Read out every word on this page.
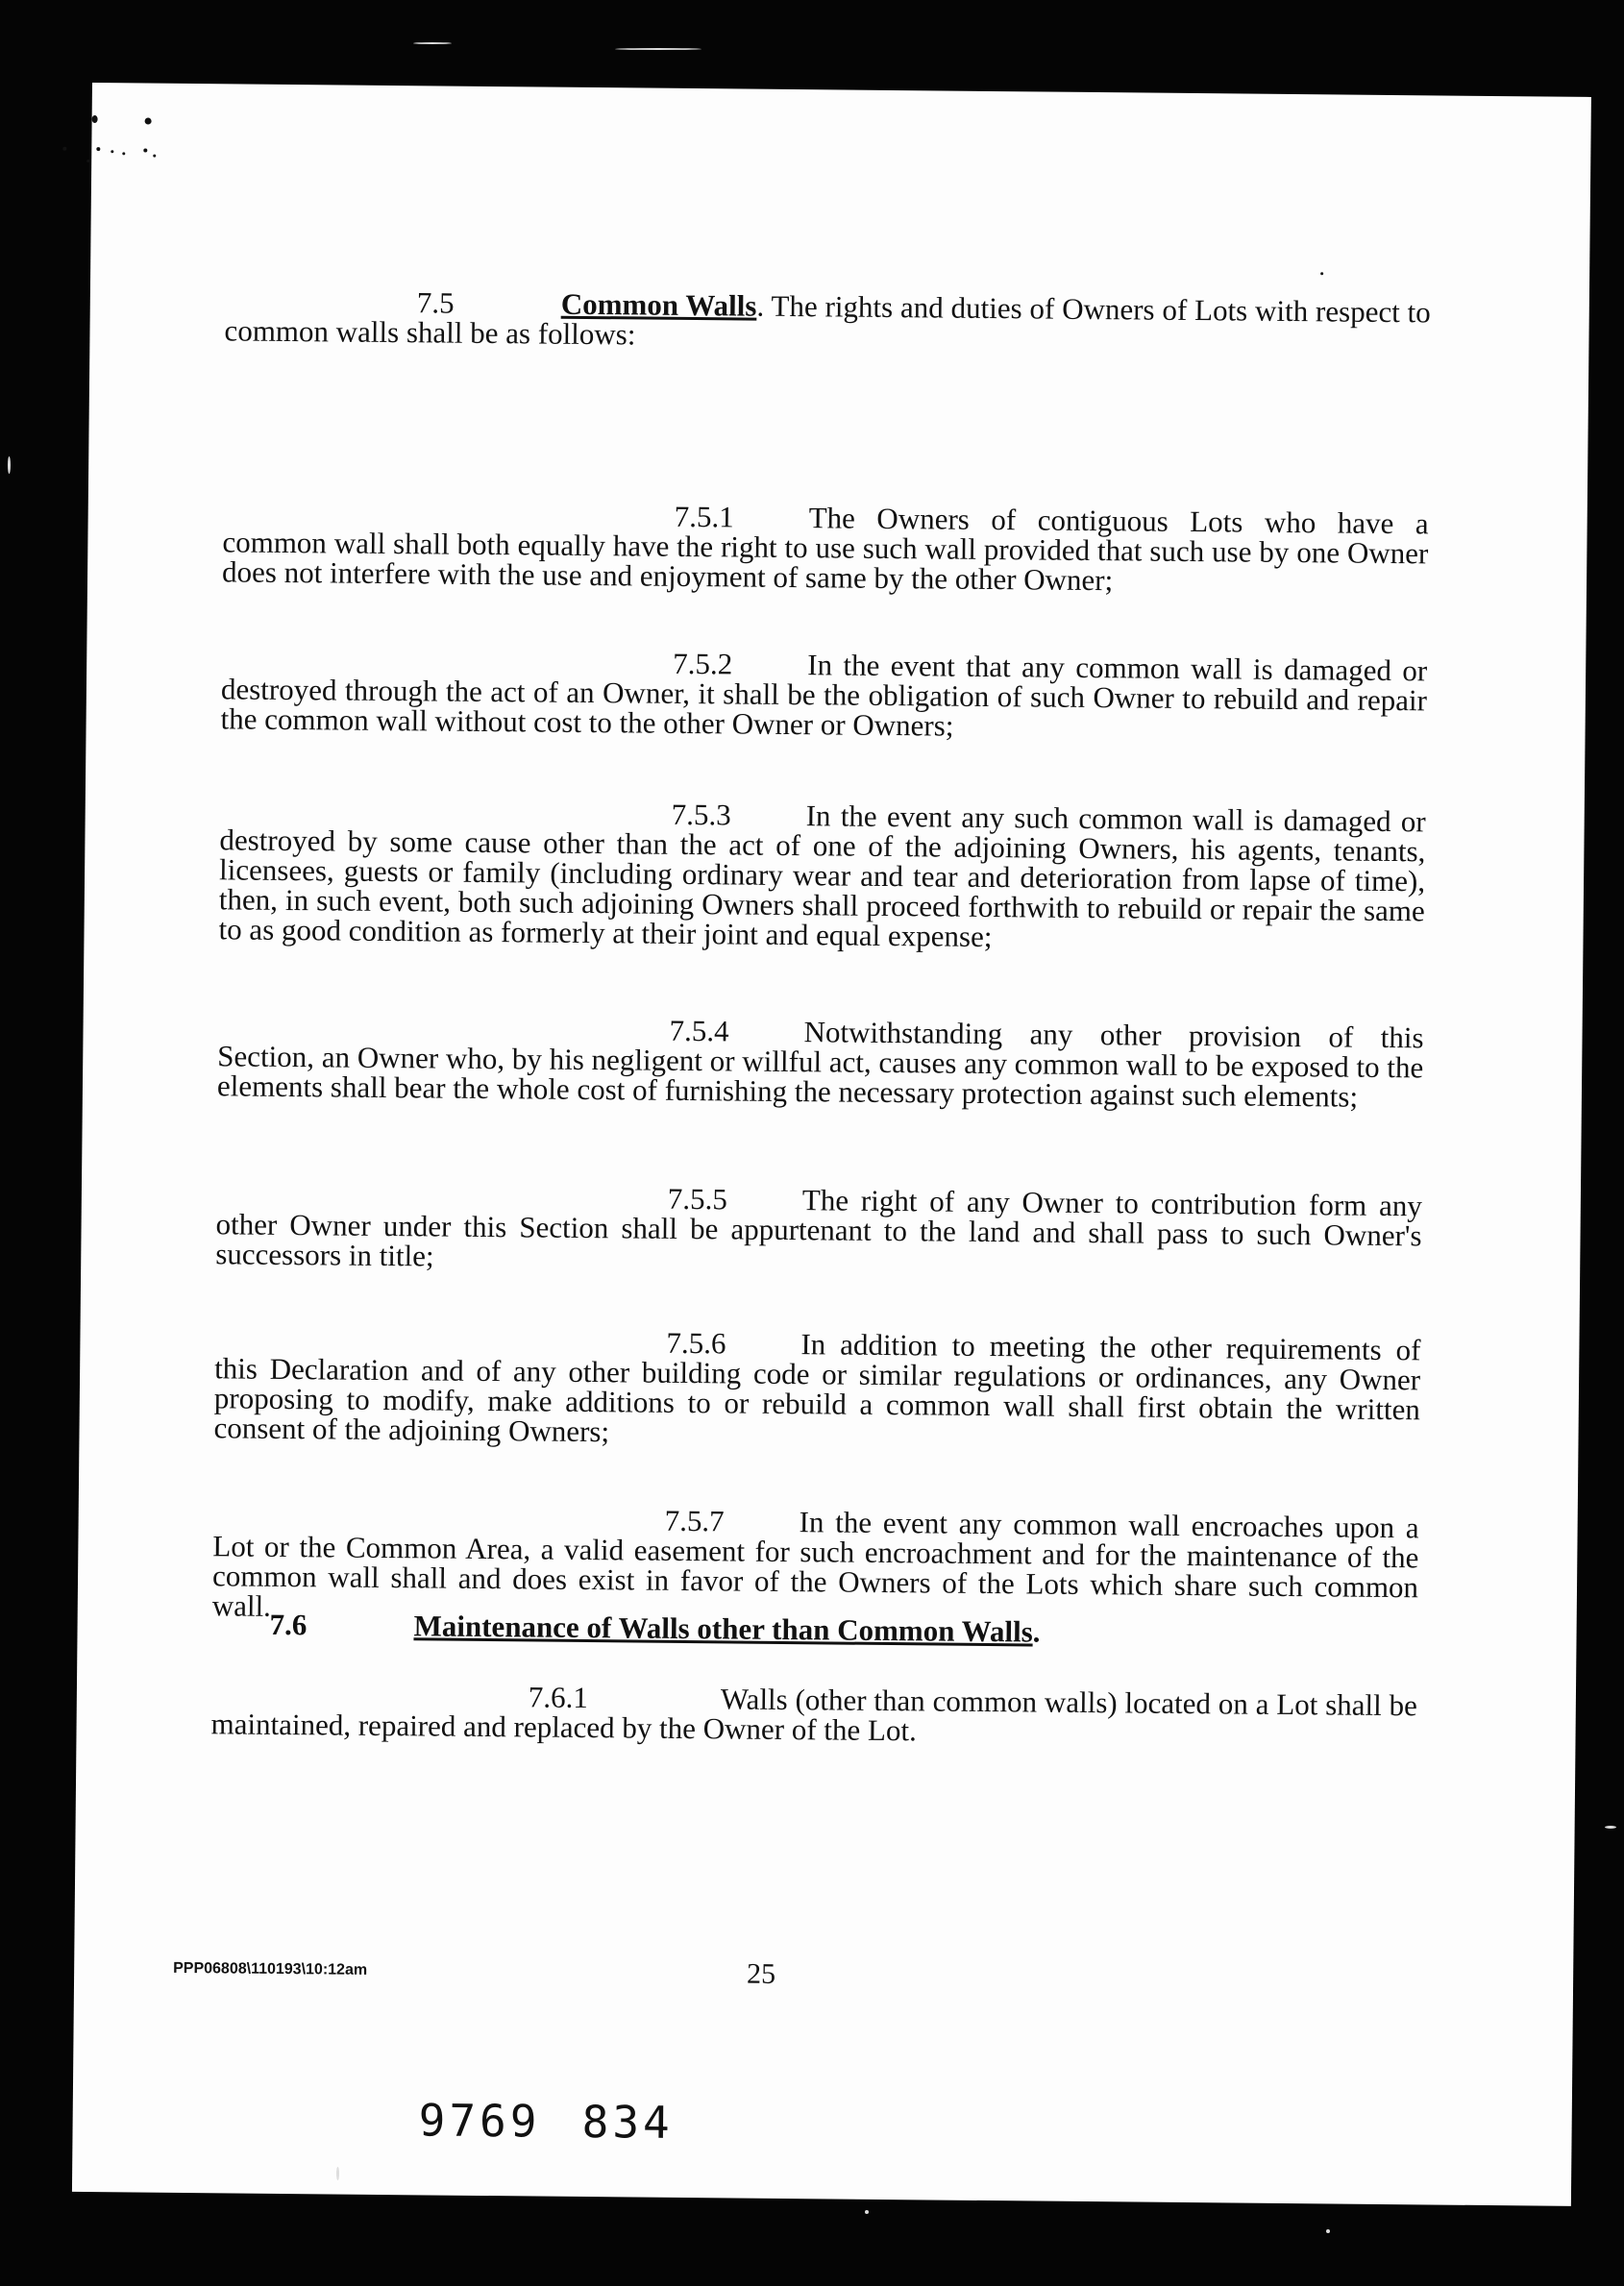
7.5	Common Walls. The rights and duties of Owners of Lots with respect to common walls shall be as follows:
7.5.1	The Owners of contiguous Lots who have a common wall shall both equally have the right to use such wall provided that such use by one Owner does not interfere with the use and enjoyment of same by the other Owner;
7.5.2	In the event that any common wall is damaged or destroyed through the act of an Owner, it shall be the obligation of such Owner to rebuild and repair the common wall without cost to the other Owner or Owners;
7.5.3	In the event any such common wall is damaged or destroyed by some cause other than the act of one of the adjoining Owners, his agents, tenants, licensees, guests or family (including ordinary wear and tear and deterioration from lapse of time), then, in such event, both such adjoining Owners shall proceed forthwith to rebuild or repair the same to as good condition as formerly at their joint and equal expense;
7.5.4	Notwithstanding any other provision of this Section, an Owner who, by his negligent or willful act, causes any common wall to be exposed to the elements shall bear the whole cost of furnishing the necessary protection against such elements;
7.5.5	The right of any Owner to contribution form any other Owner under this Section shall be appurtenant to the land and shall pass to such Owner's successors in title;
7.5.6	In addition to meeting the other requirements of this Declaration and of any other building code or similar regulations or ordinances, any Owner proposing to modify, make additions to or rebuild a common wall shall first obtain the written consent of the adjoining Owners;
7.5.7	In the event any common wall encroaches upon a Lot or the Common Area, a valid easement for such encroachment and for the maintenance of the common wall shall and does exist in favor of the Owners of the Lots which share such common wall.
7.6	Maintenance of Walls other than Common Walls.
7.6.1	Walls (other than common walls) located on a Lot shall be maintained, repaired and replaced by the Owner of the Lot.
PPP06808\110193\10:12am	25
9769 834
